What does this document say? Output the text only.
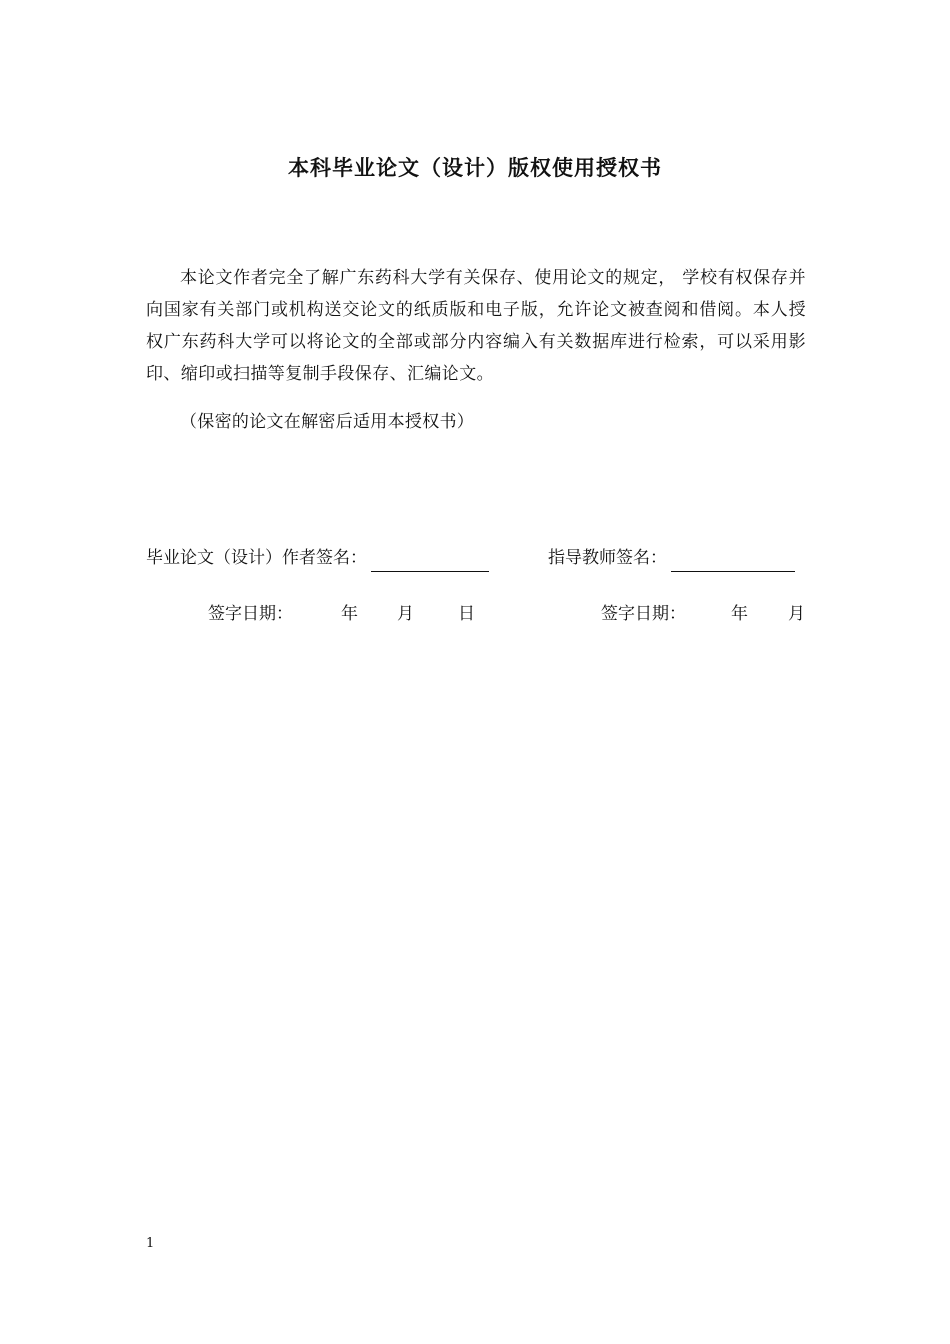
本科毕业论文（设计）版权使用授权书

本论文作者完全了解广东药科大学有关保存、使用论文的规定， 学校有权保存并向国家有关部门或机构送交论文的纸质版和电子版，允许论文被查阅和借阅。本人授权广东药科大学可以将论文的全部或部分内容编入有关数据库进行检索，可以采用影印、缩印或扫描等复制手段保存、汇编论文。

（保密的论文在解密后适用本授权书）
毕业论文（设计）作者签名：	指导教师签名：
签字日期：	年 月	日	签字日期：	年 月
1
